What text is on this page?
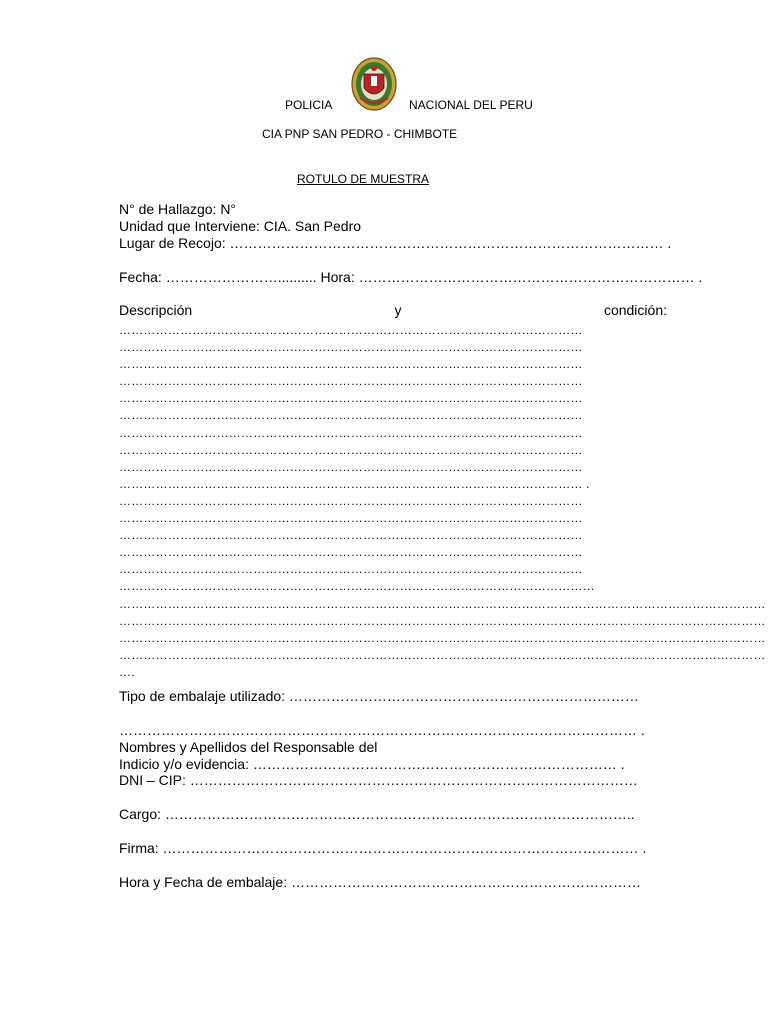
POLICIA	NACIONAL DEL PERU
CIA PNP SAN PEDRO - CHIMBOTE
ROTULO DE MUESTRA
N° de Hallazgo: N°
Unidad que Interviene: CIA. San Pedro
Lugar de Recojo: ………………………………………………………………………………… .
Fecha: …………………….......... Hora: ……………………………………………………………… .
Descripción	y	condición:
……………………………………………………………………………………………………
……………………………………………………………………………………………………
……………………………………………………………………………………………………
……………………………………………………………………………………………………
……………………………………………………………………………………………………
……………………………………………………………………………………………………
……………………………………………………………………………………………………
……………………………………………………………………………………………………
……………………………………………………………………………………………………
…………………………………………………………………………………………………… .
……………………………………………………………………………………………………
……………………………………………………………………………………………………
……………………………………………………………………………………………………
……………………………………………………………………………………………………
……………………………………………………………………………………………………
………………………………………………………………………………………………………
……………………………………………………………………………………………………………………………………………
……………………………………………………………………………………………………………………………………………
……………………………………………………………………………………………………………………………………………
……………………………………………………………………………………………………………………………………………
….
Tipo de embalaje utilizado: …………………………………………………………………
………………………………………………………………………………………………… .
Nombres y Apellidos del Responsable del
Indicio y/o evidencia: …………………………………………………………………… .
DNI – CIP: ……………………………………………………………………………………
Cargo: ………………………………………………………………………………………..
Firma: ………………………………………………………………………………………… .
Hora y Fecha de embalaje: …………………………………………………………………
